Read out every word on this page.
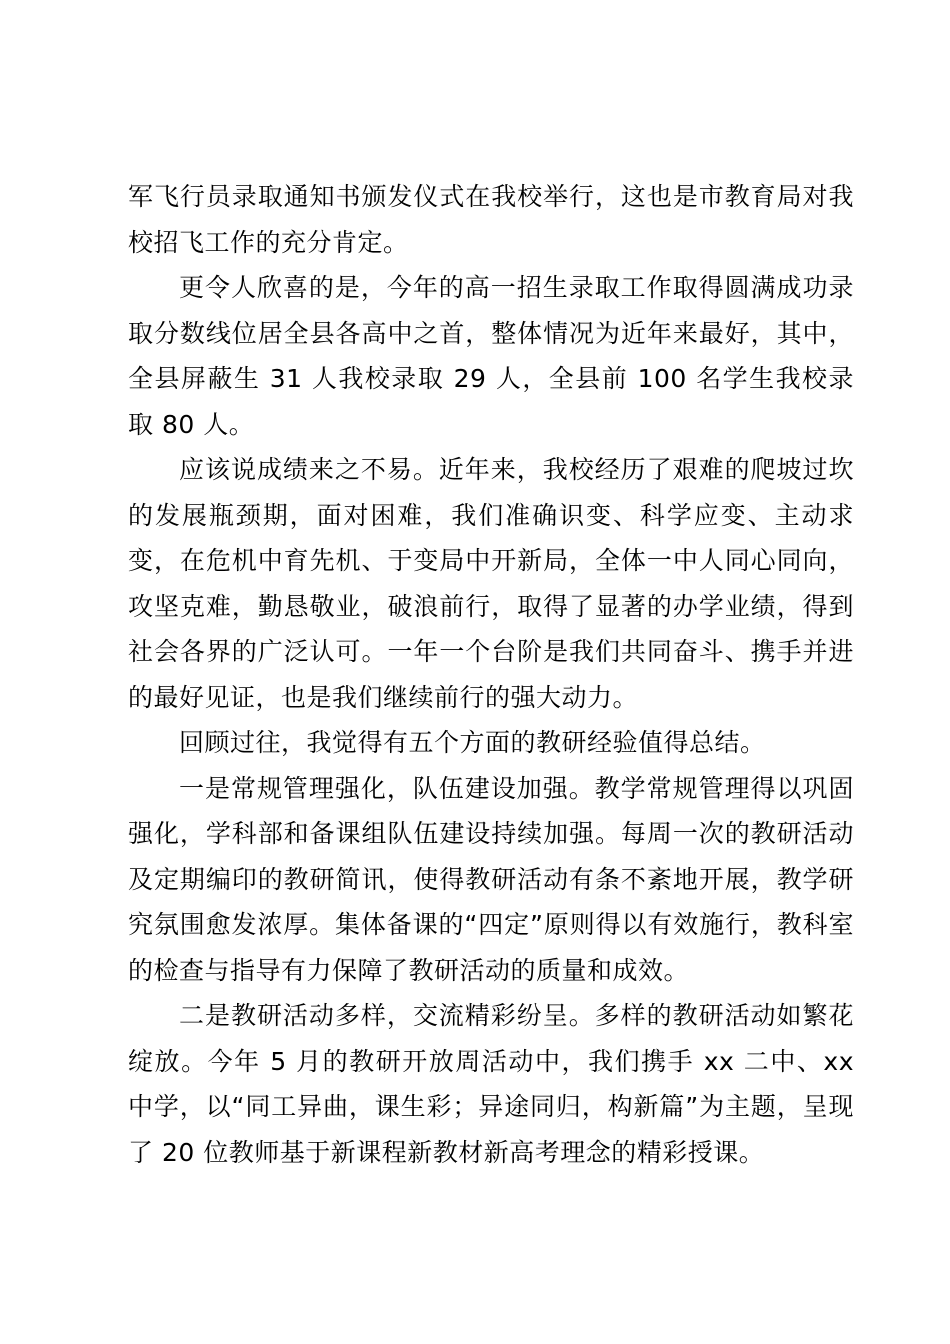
军飞行员录取通知书颁发仪式在我校举行，这也是市教育局对我校招飞工作的充分肯定。

更令人欣喜的是，今年的高一招生录取工作取得圆满成功录取分数线位居全县各高中之首，整体情况为近年来最好，其中，全县屏蔽生 31 人我校录取 29 人，全县前 100 名学生我校录取 80 人。

应该说成绩来之不易。近年来，我校经历了艰难的爬坡过坎的发展瓶颈期，面对困难，我们准确识变、科学应变、主动求变，在危机中育先机、于变局中开新局，全体一中人同心同向，攻坚克难，勤恳敬业，破浪前行，取得了显著的办学业绩，得到社会各界的广泛认可。一年一个台阶是我们共同奋斗、携手并进的最好见证，也是我们继续前行的强大动力。

回顾过往，我觉得有五个方面的教研经验值得总结。

一是常规管理强化，队伍建设加强。教学常规管理得以巩固强化，学科部和备课组队伍建设持续加强。每周一次的教研活动及定期编印的教研简讯，使得教研活动有条不紊地开展，教学研究氛围愈发浓厚。集体备课的“四定”原则得以有效施行，教科室的检查与指导有力保障了教研活动的质量和成效。

二是教研活动多样，交流精彩纷呈。多样的教研活动如繁花绽放。今年 5 月的教研开放周活动中，我们携手 xx 二中、xx 中学，以“同工异曲，课生彩；异途同归，构新篇”为主题，呈现了 20 位教师基于新课程新教材新高考理念的精彩授课。
